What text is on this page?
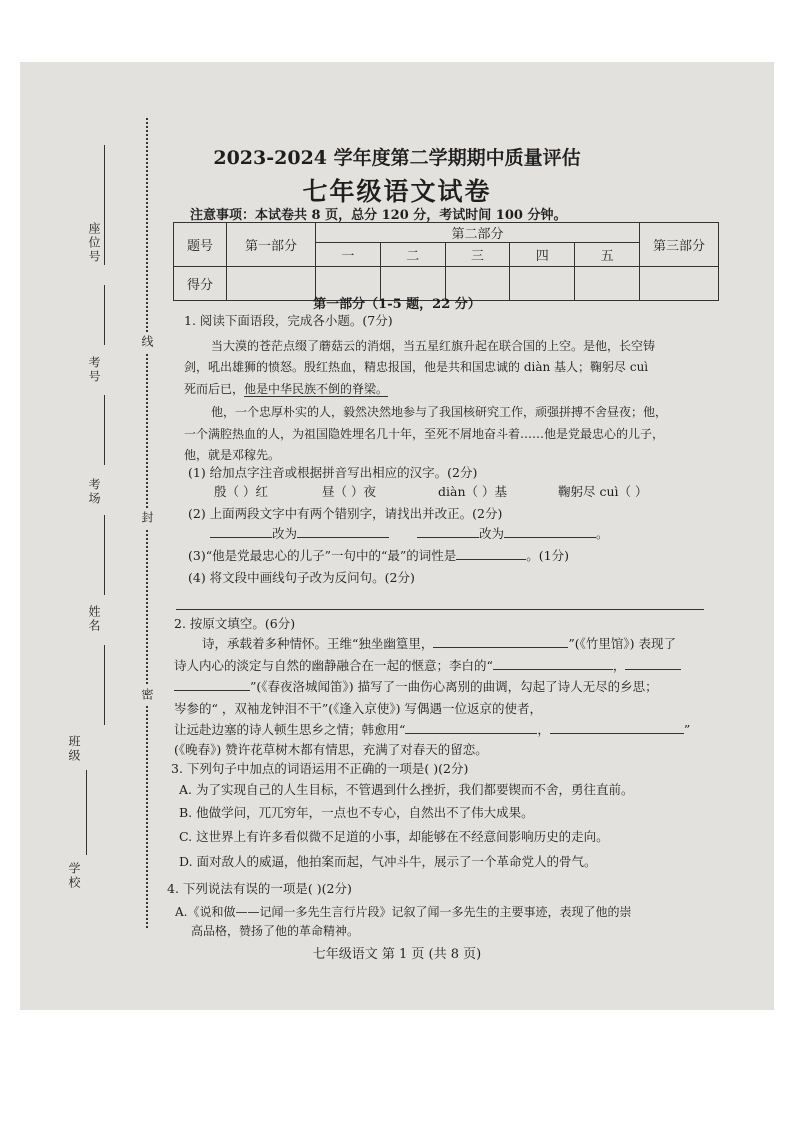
座位号
考号
考场
姓名
班级
学校
线
封
密
2023-2024 学年度第二学期期中质量评估
七年级语文试卷
注意事项：本试卷共 8 页，总分 120 分，考试时间 100 分钟。
题号	第一部分	第二部分					第三部分
		一	二	三	四	五	
得分							
第一部分（1-5 题，22 分）
1. 阅读下面语段，完成各小题。(7分)
当大漠的苍茫点缀了蘑菇云的消烟，当五星红旗升起在联合国的上空。是他，长空铸
剑，吼出雄狮的愤怒。殷红热血，精忠报国，他是共和国忠诚的 diàn 基人；鞠躬尽 cuì
死而后已，他是中华民族不倒的脊梁。
他，一个忠厚朴实的人，毅然决然地参与了我国核研究工作，顽强拼搏不舍昼夜；他，
一个满腔热血的人，为祖国隐姓埋名几十年，至死不屑地奋斗着……他是党最忠心的儿子，
他，就是邓稼先。
(1) 给加点字注音或根据拼音写出相应的汉字。(2分)
殷（ ）红	昼（ ）夜	diàn（ ）基	鞠躬尽 cuì（ ）
(2) 上面两段文字中有两个错别字，请找出并改正。(2分)
改为	改为	。
(3)“他是党最忠心的儿子”一句中的“最”的词性是	。(1分)
(4) 将文段中画线句子改为反问句。(2分)
2. 按原文填空。(6分)
诗，承载着多种情怀。王维“独坐幽篁里，	”(《竹里馆》) 表现了
诗人内心的淡定与自然的幽静融合在一起的惬意；李白的“	，
”(《春夜洛城闻笛》) 描写了一曲伤心离别的曲调，勾起了诗人无尽的乡思；
岑参的“ ，双袖龙钟泪不干”(《逢入京使》) 写偶遇一位返京的使者，
让远赴边塞的诗人顿生思乡之情；韩愈用“	，	”
(《晚春》) 赞许花草树木都有情思，充满了对春天的留恋。
3. 下列句子中加点的词语运用不正确的一项是( )(2分)
A. 为了实现自己的人生目标，不管遇到什么挫折，我们都要锲而不舍，勇往直前。
B. 他做学问，兀兀穷年，一点也不专心，自然出不了伟大成果。
C. 这世界上有许多看似微不足道的小事，却能够在不经意间影响历史的走向。
D. 面对敌人的威逼，他拍案而起，气冲斗牛，展示了一个革命党人的骨气。
4. 下列说法有误的一项是( )(2分)
A.《说和做——记闻一多先生言行片段》记叙了闻一多先生的主要事迹，表现了他的崇
高品格，赞扬了他的革命精神。
七年级语文 第 1 页 (共 8 页)
